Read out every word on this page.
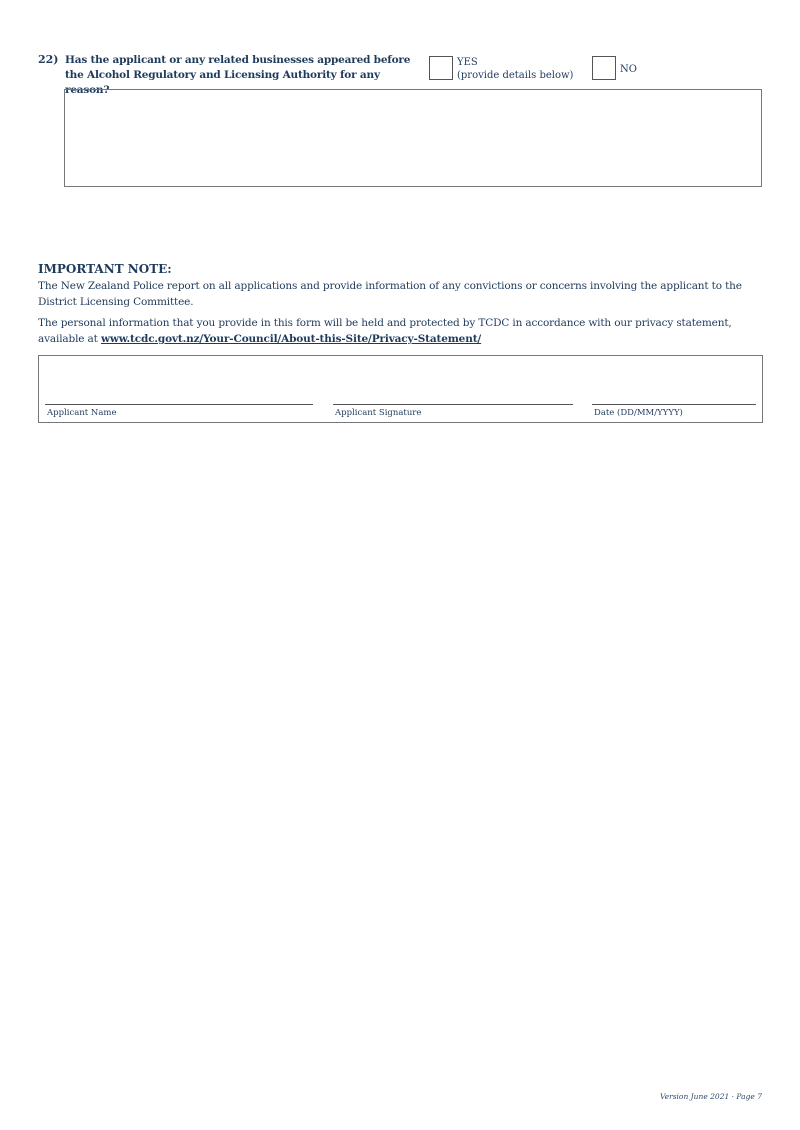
22) Has the applicant or any related businesses appeared before the Alcohol Regulatory and Licensing Authority for any reason?
YES
(provide details below)
NO
IMPORTANT NOTE:
The New Zealand Police report on all applications and provide information of any convictions or concerns involving the applicant to the District Licensing Committee.
The personal information that you provide in this form will be held and protected by TCDC in accordance with our privacy statement, available at www.tcdc.govt.nz/Your-Council/About-this-Site/Privacy-Statement/
Applicant Name	Applicant Signature	Date (DD/MM/YYYY)
Version June 2021 · Page 7
